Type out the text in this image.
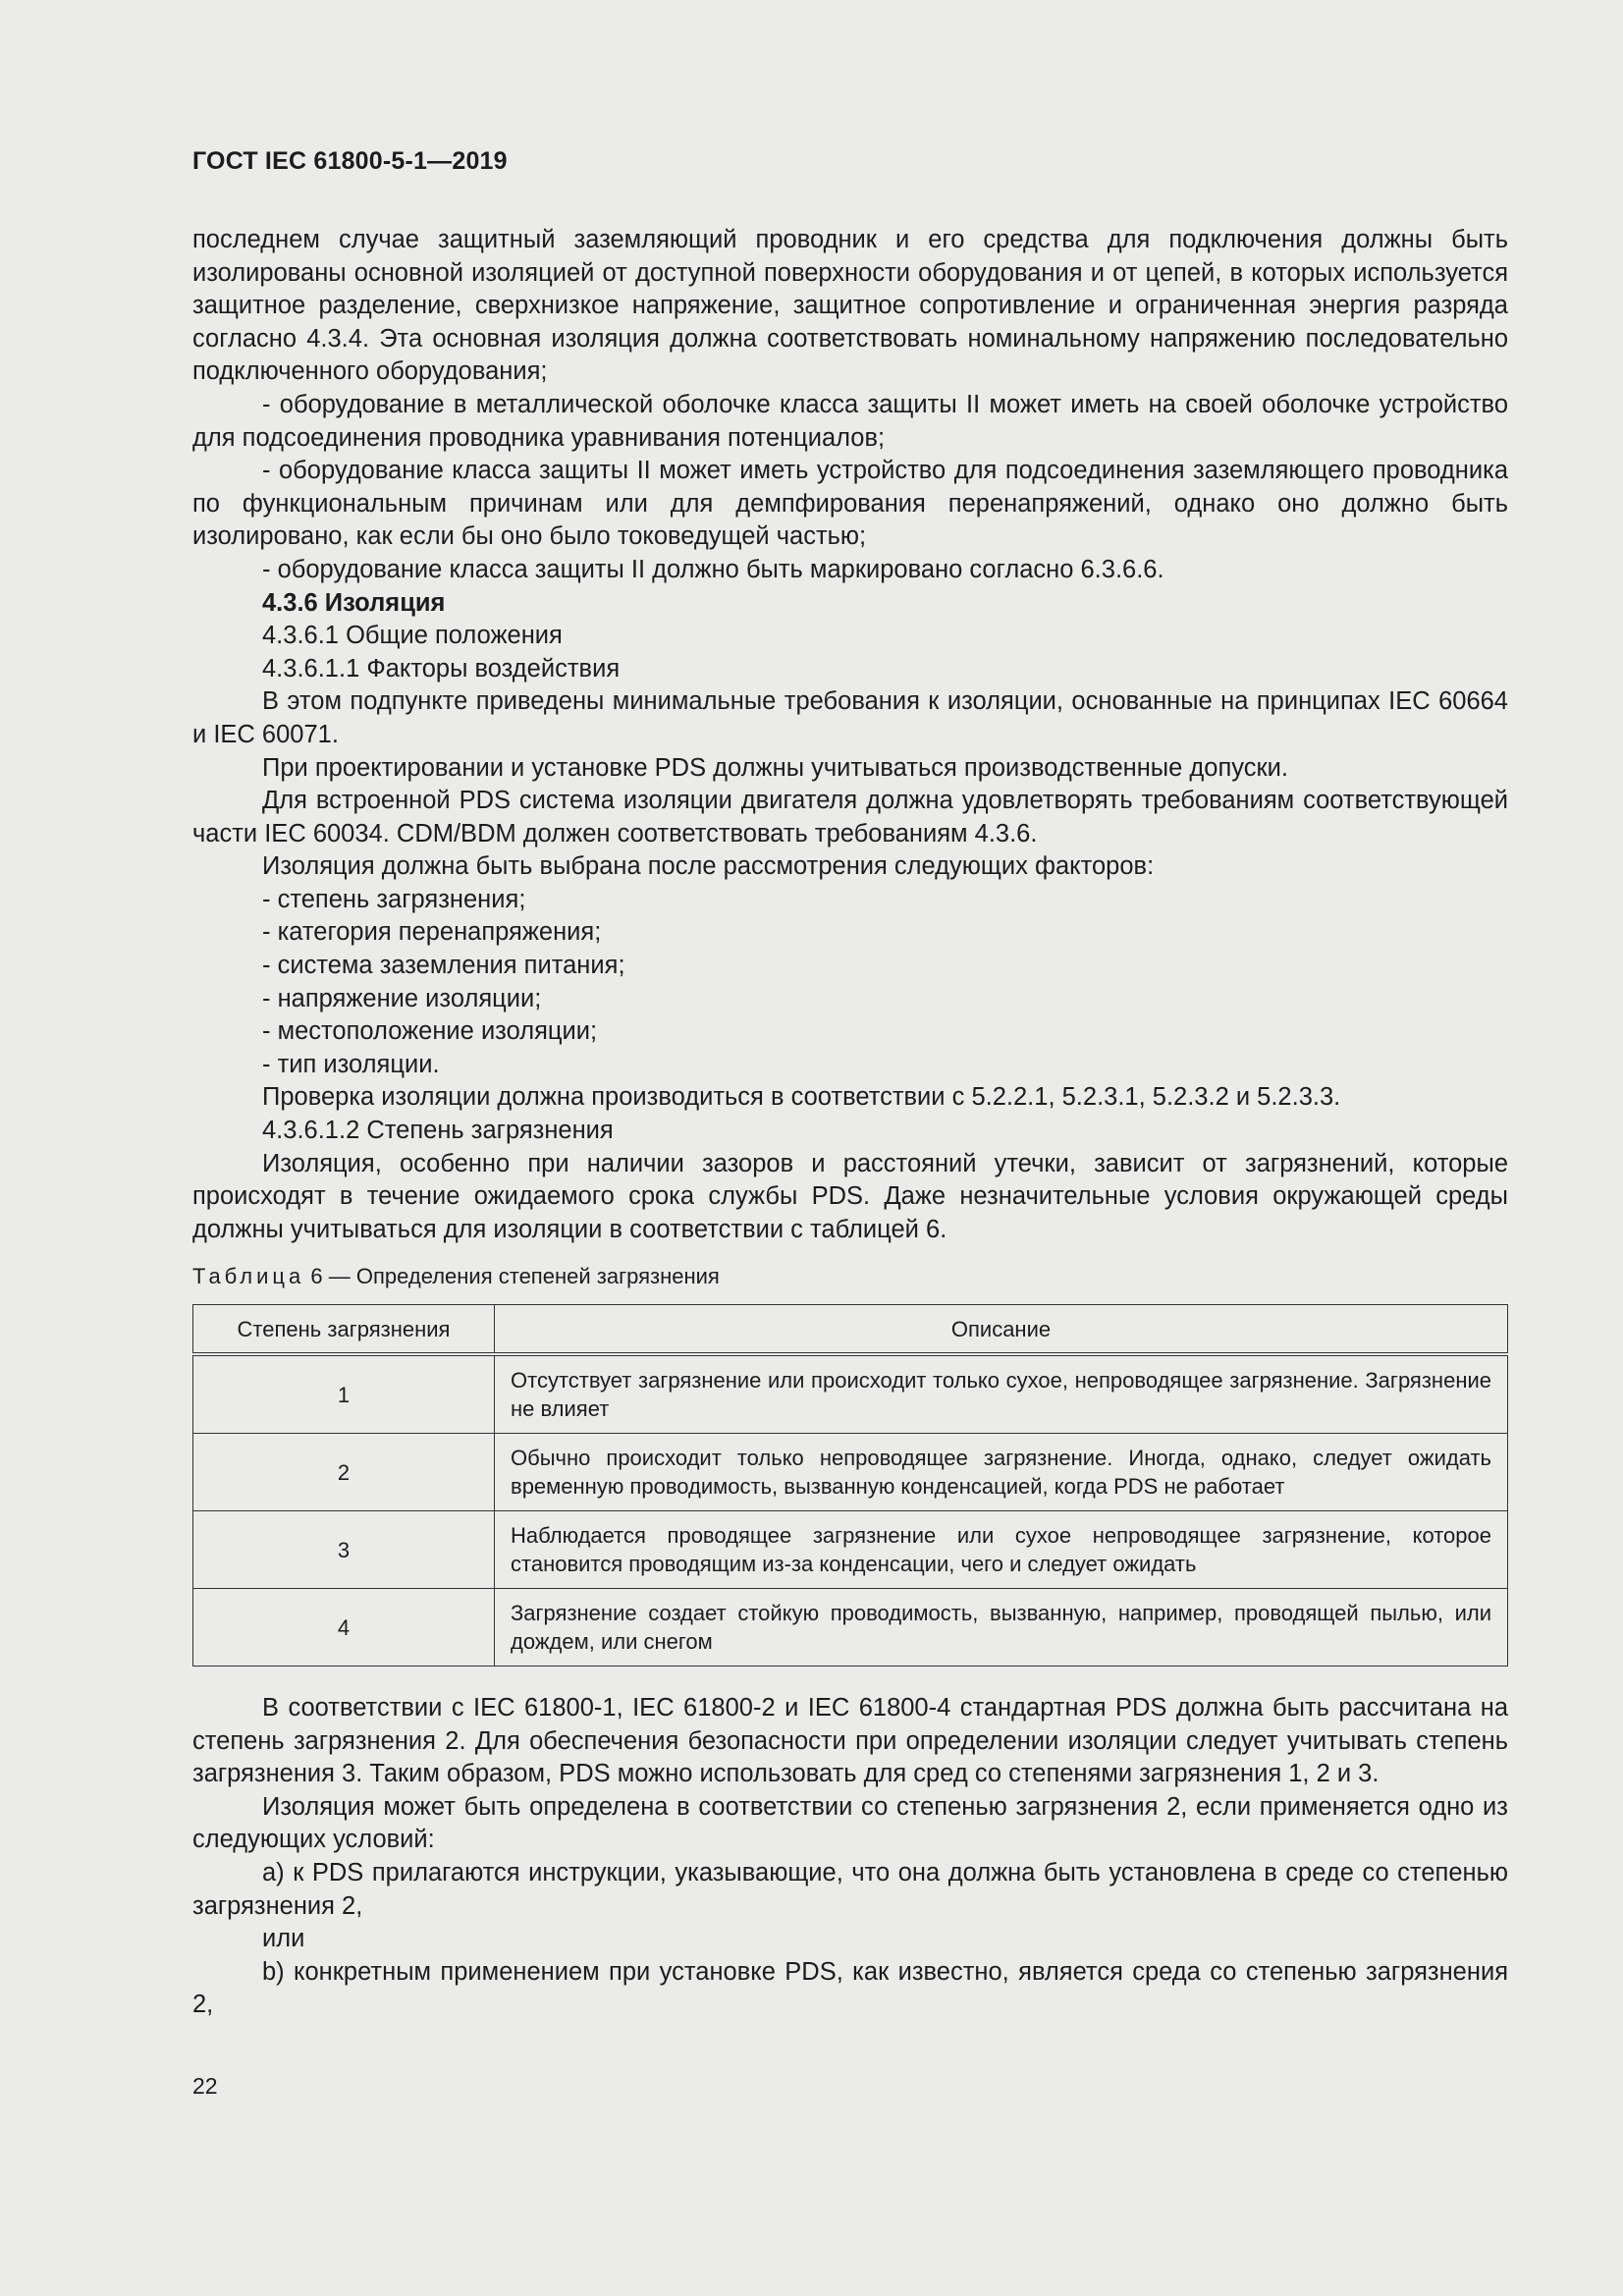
ГОСТ IEC 61800-5-1—2019

последнем случае защитный заземляющий проводник и его средства для подключения должны быть изолированы основной изоляцией от доступной поверхности оборудования и от цепей, в которых используется защитное разделение, сверхнизкое напряжение, защитное сопротивление и ограниченная энергия разряда согласно 4.3.4. Эта основная изоляция должна соответствовать номинальному напряжению последовательно подключенного оборудования;

- оборудование в металлической оболочке класса защиты II может иметь на своей оболочке устройство для подсоединения проводника уравнивания потенциалов;

- оборудование класса защиты II может иметь устройство для подсоединения заземляющего проводника по функциональным причинам или для демпфирования перенапряжений, однако оно должно быть изолировано, как если бы оно было токоведущей частью;

- оборудование класса защиты II должно быть маркировано согласно 6.3.6.6.

4.3.6 Изоляция

4.3.6.1 Общие положения

4.3.6.1.1 Факторы воздействия

В этом подпункте приведены минимальные требования к изоляции, основанные на принципах IEC 60664 и IEC 60071.

При проектировании и установке PDS должны учитываться производственные допуски.

Для встроенной PDS система изоляции двигателя должна удовлетворять требованиям соответствующей части IEC 60034. CDM/BDM должен соответствовать требованиям 4.3.6.

Изоляция должна быть выбрана после рассмотрения следующих факторов:

- степень загрязнения;

- категория перенапряжения;

- система заземления питания;

- напряжение изоляции;

- местоположение изоляции;

- тип изоляции.

Проверка изоляции должна производиться в соответствии с 5.2.2.1, 5.2.3.1, 5.2.3.2 и 5.2.3.3.

4.3.6.1.2 Степень загрязнения

Изоляция, особенно при наличии зазоров и расстояний утечки, зависит от загрязнений, которые происходят в течение ожидаемого срока службы PDS. Даже незначительные условия окружающей среды должны учитываться для изоляции в соответствии с таблицей 6.

Таблица 6 — Определения степеней загрязнения
Степень загрязнения	Описание
1	Отсутствует загрязнение или происходит только сухое, непроводящее загрязнение. Загрязнение не влияет
2	Обычно происходит только непроводящее загрязнение. Иногда, однако, следует ожидать временную проводимость, вызванную конденсацией, когда PDS не работает
3	Наблюдается проводящее загрязнение или сухое непроводящее загрязнение, которое становится проводящим из-за конденсации, чего и следует ожидать
4	Загрязнение создает стойкую проводимость, вызванную, например, проводящей пылью, или дождем, или снегом

В соответствии с IEC 61800-1, IEC 61800-2 и IEC 61800-4 стандартная PDS должна быть рассчитана на степень загрязнения 2. Для обеспечения безопасности при определении изоляции следует учитывать степень загрязнения 3. Таким образом, PDS можно использовать для сред со степенями загрязнения 1, 2 и 3.

Изоляция может быть определена в соответствии со степенью загрязнения 2, если применяется одно из следующих условий:

a) к PDS прилагаются инструкции, указывающие, что она должна быть установлена в среде со степенью загрязнения 2,

или

b) конкретным применением при установке PDS, как известно, является среда со степенью загрязнения 2,

22
